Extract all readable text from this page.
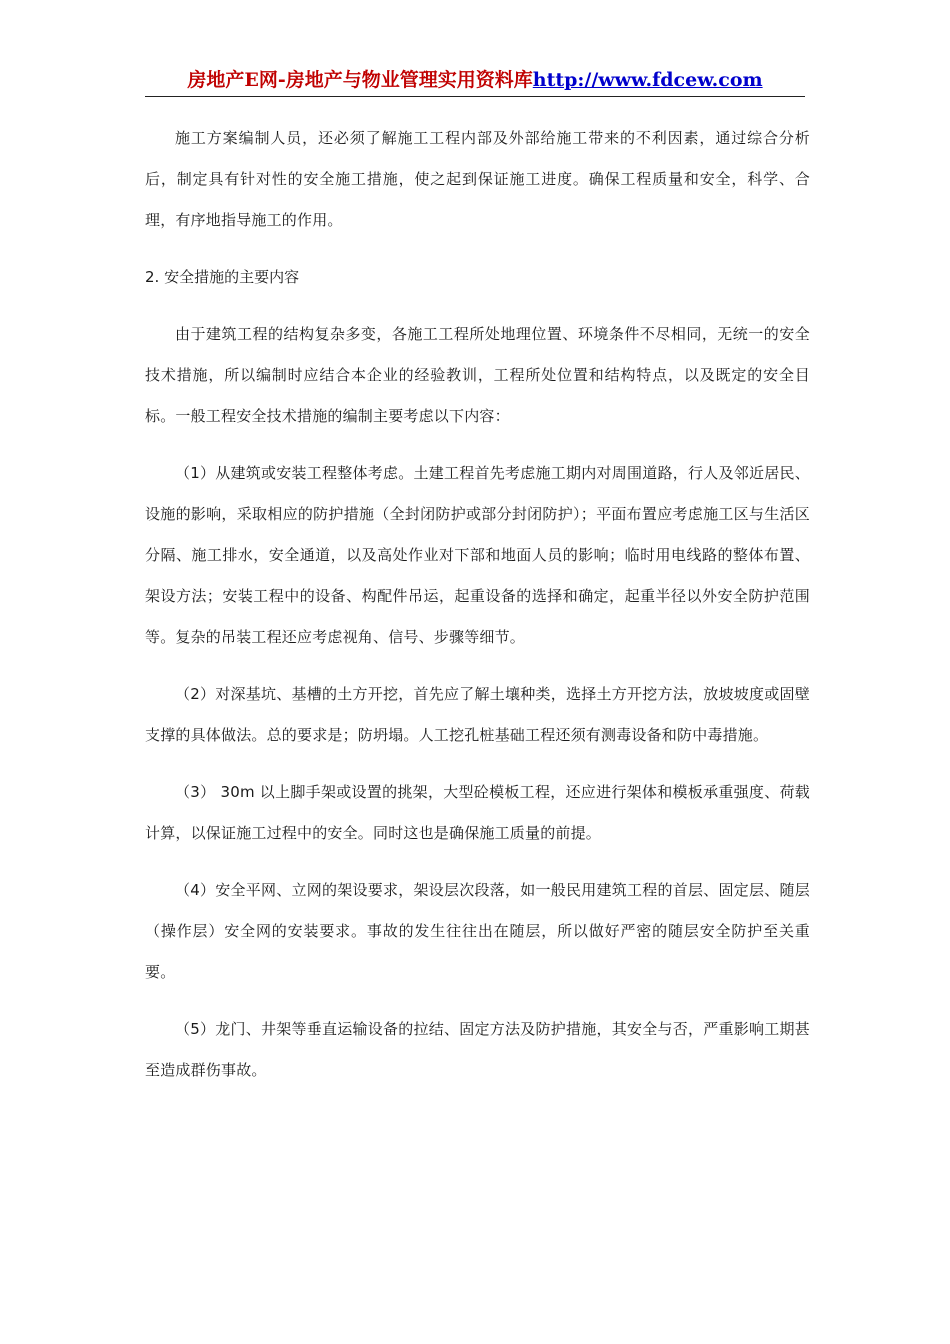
房地产E网-房地产与物业管理实用资料库http://www.fdcew.com

施工方案编制人员，还必须了解施工工程内部及外部给施工带来的不利因素，通过综合分析后，制定具有针对性的安全施工措施，使之起到保证施工进度。确保工程质量和安全，科学、合理，有序地指导施工的作用。

2. 安全措施的主要内容

由于建筑工程的结构复杂多变，各施工工程所处地理位置、环境条件不尽相同，无统一的安全技术措施，所以编制时应结合本企业的经验教训，工程所处位置和结构特点，以及既定的安全目标。一般工程安全技术措施的编制主要考虑以下内容：

（1）从建筑或安装工程整体考虑。土建工程首先考虑施工期内对周围道路，行人及邻近居民、设施的影响，采取相应的防护措施（全封闭防护或部分封闭防护）；平面布置应考虑施工区与生活区分隔、施工排水，安全通道，以及高处作业对下部和地面人员的影响；临时用电线路的整体布置、架设方法；安装工程中的设备、构配件吊运，起重设备的选择和确定，起重半径以外安全防护范围等。复杂的吊装工程还应考虑视角、信号、步骤等细节。

（2）对深基坑、基槽的土方开挖，首先应了解土壤种类，选择土方开挖方法，放坡坡度或固壁支撑的具体做法。总的要求是；防坍塌。人工挖孔桩基础工程还须有测毒设备和防中毒措施。

（3） 30m 以上脚手架或设置的挑架，大型砼模板工程，还应进行架体和模板承重强度、荷载计算，以保证施工过程中的安全。同时这也是确保施工质量的前提。

（4）安全平网、立网的架设要求，架设层次段落，如一般民用建筑工程的首层、固定层、随层（操作层）安全网的安装要求。事故的发生往往出在随层，所以做好严密的随层安全防护至关重要。

（5）龙门、井架等垂直运输设备的拉结、固定方法及防护措施，其安全与否，严重影响工期甚至造成群伤事故。
